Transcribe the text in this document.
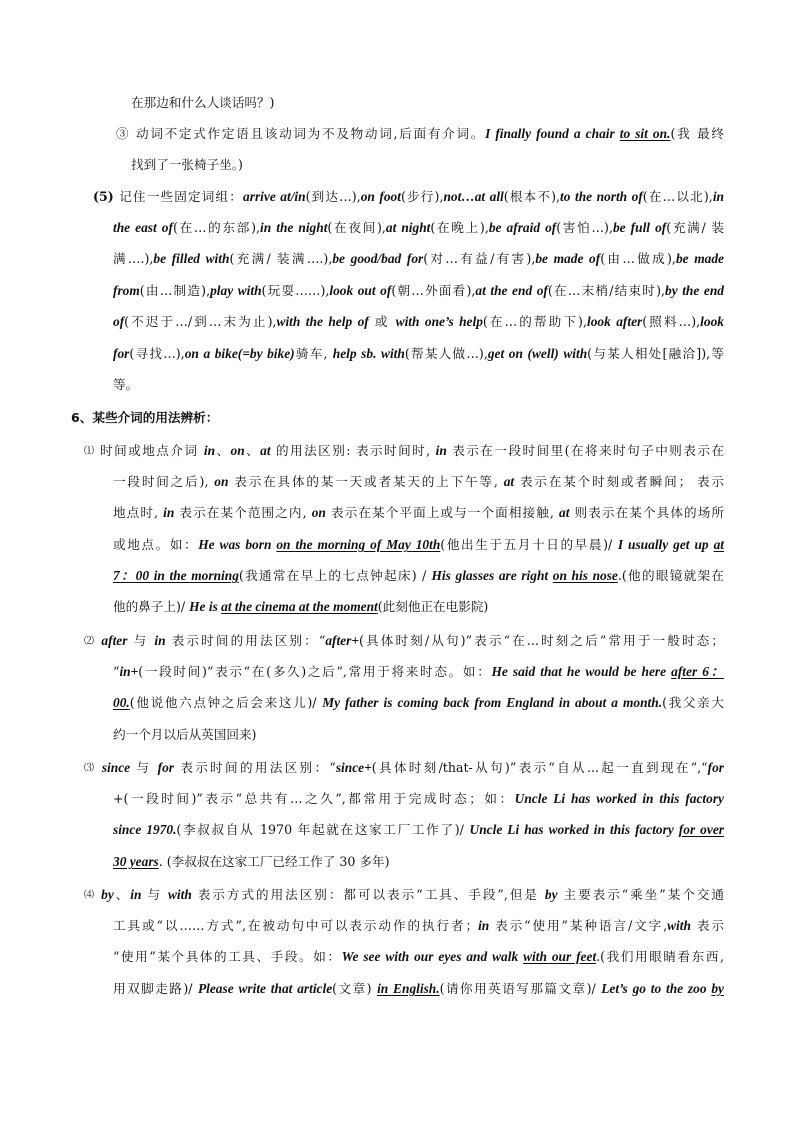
在那边和什么人谈话吗？)
③ 动词不定式作定语且该动词为不及物动词,后面有介词。I finally found a chair to sit on.(我 最终
找到了一张椅子坐。)
(5) 记住一些固定词组：arrive at/in(到达…),on foot(步行),not…at all(根本不),to the north of(在…以北),in
the east of(在…的东部),in the night(在夜间),at night(在晚上),be afraid of(害怕…),be full of(充满/ 装
满….),be filled with(充满/ 装满….),be good/bad for(对…有益/有害),be made of(由…做成),be made
from(由…制造),play with(玩耍……),look out of(朝…外面看),at the end of(在…末梢/结束时),by the end
of(不迟于…/到…末为止),with the help of 或 with one’s help(在…的帮助下),look after(照料…),look
for(寻找…),on a bike(=by bike)骑车, help sb. with(帮某人做…),get on (well) with(与某人相处[融洽]),等
等。
6、某些介词的用法辨析：
⑴ 时间或地点介词 in、on、at 的用法区别: 表示时间时, in 表示在一段时间里(在将来时句子中则表示在
一段时间之后), on 表示在具体的某一天或者某天的上下午等, at 表示在某个时刻或者瞬间； 表示
地点时, in 表示在某个范围之内, on 表示在某个平面上或与一个面相接触, at 则表示在某个具体的场所
或地点。如：He was born on the morning of May 10th(他出生于五月十日的早晨)/ I usually get up at
7：00 in the morning(我通常在早上的七点钟起床) / His glasses are right on his nose.(他的眼镜就架在
他的鼻子上)/ He is at the cinema at the moment(此刻他正在电影院)
⑵ after 与 in 表示时间的用法区别：“after+(具体时刻/从句)”表示“在...时刻之后”常用于一般时态；
“in+(一段时间)”表示“在(多久)之后”,常用于将来时态。如：He said that he would be here after 6：
00.(他说他六点钟之后会来这儿)/ My father is coming back from England in about a month.(我父亲大
约一个月以后从英国回来)
⑶ since 与 for 表示时间的用法区别：“since+(具体时刻/that-从句)”表示“自从...起一直到现在”,“for
+(一段时间)”表示“总共有…之久”,都常用于完成时态；如：Uncle Li has worked in this factory
since 1970.(李叔叔自从 1970 年起就在这家工厂工作了)/ Uncle Li has worked in this factory for over
30 years. (李叔叔在这家工厂已经工作了 30 多年)
⑷ by、in 与 with 表示方式的用法区别：都可以表示“工具、手段”,但是 by 主要表示“乘坐”某个交通
工具或“以……方式”,在被动句中可以表示动作的执行者；in 表示“使用”某种语言/文字,with 表示
“使用”某个具体的工具、手段。如：We see with our eyes and walk with our feet.(我们用眼睛看东西,
用双脚走路)/ Please write that article(文章) in English.(请你用英语写那篇文章)/ Let’s go to the zoo by
